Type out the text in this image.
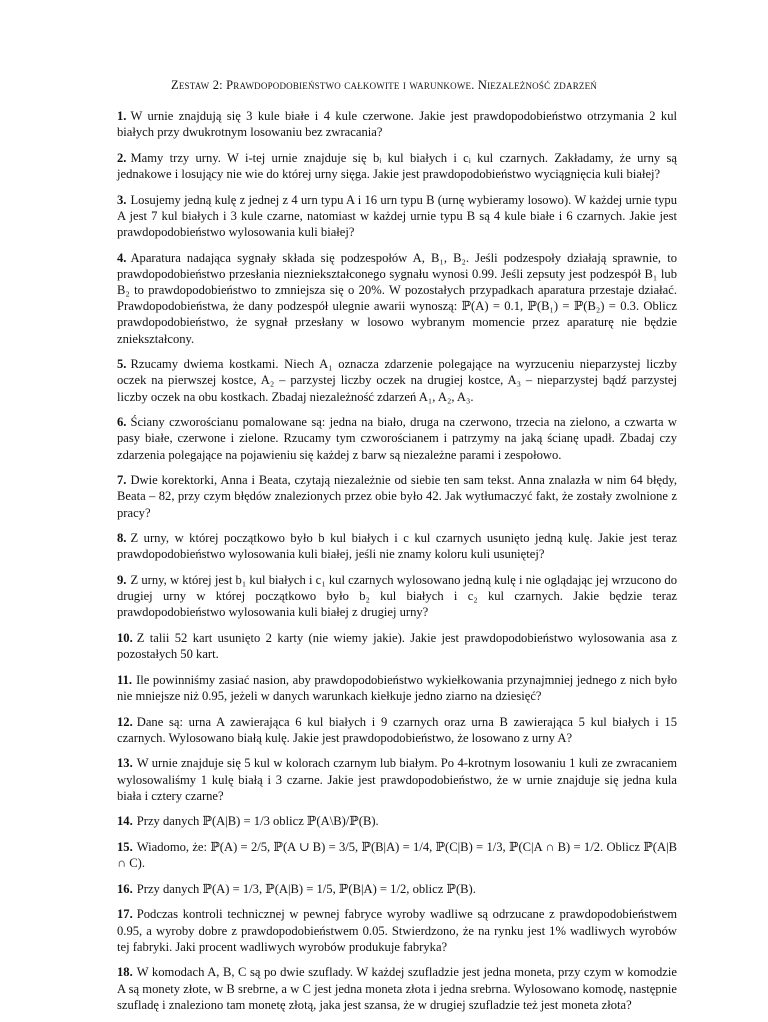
Zestaw 2: Prawdopodobieństwo całkowite i warunkowe. Niezależność zdarzeń

1. W urnie znajdują się 3 kule białe i 4 kule czerwone. Jakie jest prawdopodobieństwo otrzymania 2 kul białych przy dwukrotnym losowaniu bez zwracania?

2. Mamy trzy urny. W i-tej urnie znajduje się bᵢ kul białych i cᵢ kul czarnych. Zakładamy, że urny są jednakowe i losujący nie wie do której urny sięga. Jakie jest prawdopodobieństwo wyciągnięcia kuli białej?

3. Losujemy jedną kulę z jednej z 4 urn typu A i 16 urn typu B (urnę wybieramy losowo). W każdej urnie typu A jest 7 kul białych i 3 kule czarne, natomiast w każdej urnie typu B są 4 kule białe i 6 czarnych. Jakie jest prawdopodobieństwo wylosowania kuli białej?

4. Aparatura nadająca sygnały składa się podzespołów A, B₁, B₂. Jeśli podzespoły działają sprawnie, to prawdopodobieństwo przesłania niezniekształconego sygnału wynosi 0.99. Jeśli zepsuty jest podzespół B₁ lub B₂ to prawdopodobieństwo to zmniejsza się o 20%. W pozostałych przypadkach aparatura przestaje działać. Prawdopodobieństwa, że dany podzespół ulegnie awarii wynoszą: ℙ(A) = 0.1, ℙ(B₁) = ℙ(B₂) = 0.3. Oblicz prawdopodobieństwo, że sygnał przesłany w losowo wybranym momencie przez aparaturę nie będzie zniekształcony.

5. Rzucamy dwiema kostkami. Niech A₁ oznacza zdarzenie polegające na wyrzuceniu nieparzystej liczby oczek na pierwszej kostce, A₂ – parzystej liczby oczek na drugiej kostce, A₃ – nieparzystej bądź parzystej liczby oczek na obu kostkach. Zbadaj niezależność zdarzeń A₁, A₂, A₃.

6. Ściany czworościanu pomalowane są: jedna na biało, druga na czerwono, trzecia na zielono, a czwarta w pasy białe, czerwone i zielone. Rzucamy tym czworościanem i patrzymy na jaką ścianę upadł. Zbadaj czy zdarzenia polegające na pojawieniu się każdej z barw są niezależne parami i zespołowo.

7. Dwie korektorki, Anna i Beata, czytają niezależnie od siebie ten sam tekst. Anna znalazła w nim 64 błędy, Beata – 82, przy czym błędów znalezionych przez obie było 42. Jak wytłumaczyć fakt, że zostały zwolnione z pracy?

8. Z urny, w której początkowo było b kul białych i c kul czarnych usunięto jedną kulę. Jakie jest teraz prawdopodobieństwo wylosowania kuli białej, jeśli nie znamy koloru kuli usuniętej?

9. Z urny, w której jest b₁ kul białych i c₁ kul czarnych wylosowano jedną kulę i nie oglądając jej wrzucono do drugiej urny w której początkowo było b₂ kul białych i c₂ kul czarnych. Jakie będzie teraz prawdopodobieństwo wylosowania kuli białej z drugiej urny?

10. Z talii 52 kart usunięto 2 karty (nie wiemy jakie). Jakie jest prawdopodobieństwo wylosowania asa z pozostałych 50 kart.

11. Ile powinniśmy zasiać nasion, aby prawdopodobieństwo wykiełkowania przynajmniej jednego z nich było nie mniejsze niż 0.95, jeżeli w danych warunkach kiełkuje jedno ziarno na dziesięć?

12. Dane są: urna A zawierająca 6 kul białych i 9 czarnych oraz urna B zawierająca 5 kul białych i 15 czarnych. Wylosowano białą kulę. Jakie jest prawdopodobieństwo, że losowano z urny A?

13. W urnie znajduje się 5 kul w kolorach czarnym lub białym. Po 4-krotnym losowaniu 1 kuli ze zwracaniem wylosowaliśmy 1 kulę białą i 3 czarne. Jakie jest prawdopodobieństwo, że w urnie znajduje się jedna kula biała i cztery czarne?

14. Przy danych ℙ(A|B) = 1/3 oblicz ℙ(A\B)/ℙ(B).

15. Wiadomo, że: ℙ(A) = 2/5, ℙ(A ∪ B) = 3/5, ℙ(B|A) = 1/4, ℙ(C|B) = 1/3, ℙ(C|A ∩ B) = 1/2. Oblicz ℙ(A|B ∩ C).

16. Przy danych ℙ(A) = 1/3, ℙ(A|B) = 1/5, ℙ(B|A) = 1/2, oblicz ℙ(B).

17. Podczas kontroli technicznej w pewnej fabryce wyroby wadliwe są odrzucane z prawdopodobieństwem 0.95, a wyroby dobre z prawdopodobieństwem 0.05. Stwierdzono, że na rynku jest 1% wadliwych wyrobów tej fabryki. Jaki procent wadliwych wyrobów produkuje fabryka?

18. W komodach A, B, C są po dwie szuflady. W każdej szufladzie jest jedna moneta, przy czym w komodzie A są monety złote, w B srebrne, a w C jest jedna moneta złota i jedna srebrna. Wylosowano komodę, następnie szufladę i znaleziono tam monetę złotą, jaka jest szansa, że w drugiej szufladzie też jest moneta złota?
